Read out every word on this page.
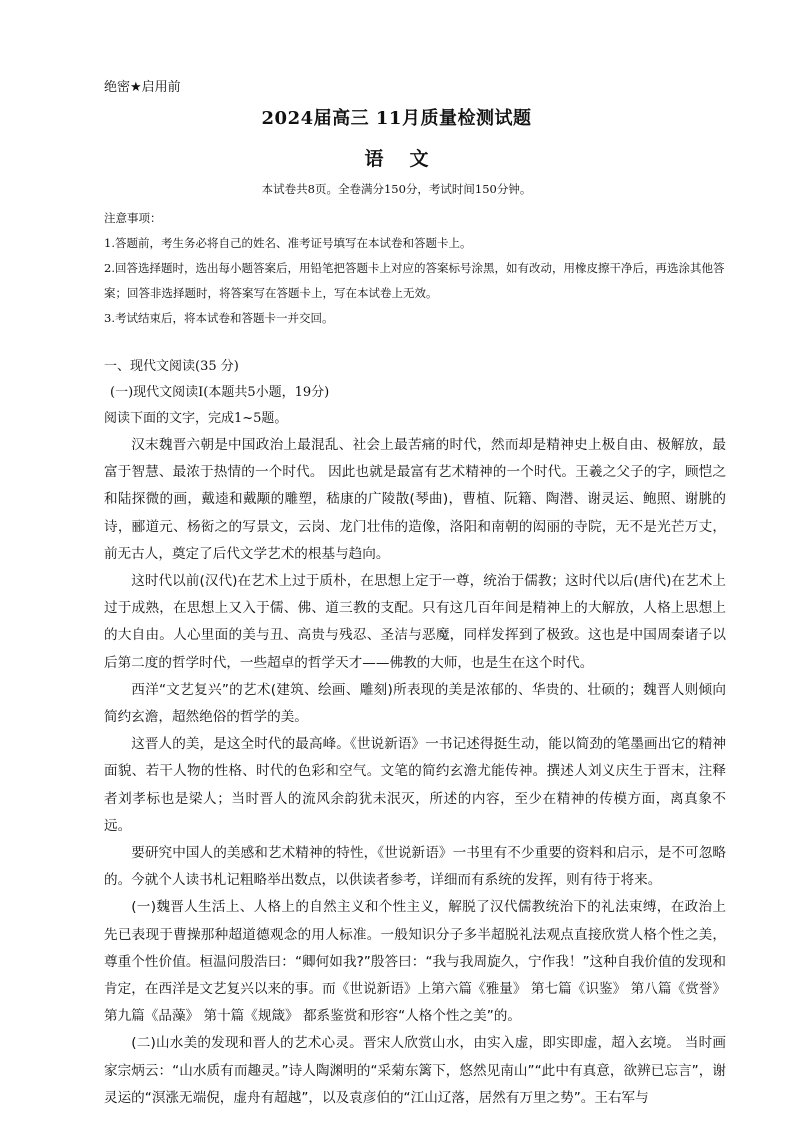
绝密★启用前
2024届高三 11月质量检测试题
语文
本试卷共8页。全卷满分150分，考试时间150分钟。

注意事项：

1.答题前，考生务必将自己的姓名、准考证号填写在本试卷和答题卡上。

2.回答选择题时，选出每小题答案后，用铅笔把答题卡上对应的答案标号涂黑，如有改动，用橡皮擦干净后，再选涂其他答案；回答非选择题时，将答案写在答题卡上，写在本试卷上无效。

3.考试结束后，将本试卷和答题卡一并交回。

一、现代文阅读(35 分)

(一)现代文阅读Ⅰ(本题共5小题，19分)

阅读下面的文字，完成1~5题。

汉末魏晋六朝是中国政治上最混乱、社会上最苦痛的时代，然而却是精神史上极自由、极解放，最富于智慧、最浓于热情的一个时代。 因此也就是最富有艺术精神的一个时代。王羲之父子的字，顾恺之和陆探微的画，戴逵和戴颙的雕塑，嵇康的广陵散(琴曲)，曹植、阮籍、陶潜、谢灵运、鲍照、谢朓的诗，郦道元、杨衒之的写景文，云岗、龙门壮伟的造像，洛阳和南朝的闳丽的寺院，无不是光芒万丈，前无古人，奠定了后代文学艺术的根基与趋向。

这时代以前(汉代)在艺术上过于质朴，在思想上定于一尊，统治于儒教；这时代以后(唐代)在艺术上过于成熟，在思想上又入于儒、佛、道三教的支配。只有这几百年间是精神上的大解放，人格上思想上的大自由。人心里面的美与丑、高贵与残忍、圣洁与恶魔，同样发挥到了极致。这也是中国周秦诸子以后第二度的哲学时代，一些超卓的哲学天才——佛教的大师，也是生在这个时代。

西洋“文艺复兴”的艺术(建筑、绘画、雕刻)所表现的美是浓郁的、华贵的、壮硕的；魏晋人则倾向简约玄澹，超然绝俗的哲学的美。

这晋人的美，是这全时代的最高峰。《世说新语》一书记述得挺生动，能以简劲的笔墨画出它的精神面貌、若干人物的性格、时代的色彩和空气。文笔的简约玄澹尤能传神。撰述人刘义庆生于晋末，注释者刘孝标也是梁人；当时晋人的流风余韵犹未泯灭，所述的内容，至少在精神的传模方面，离真象不远。

要研究中国人的美感和艺术精神的特性，《世说新语》一书里有不少重要的资料和启示，是不可忽略的。今就个人读书札记粗略举出数点，以供读者参考，详细而有系统的发挥，则有待于将来。

(一)魏晋人生活上、人格上的自然主义和个性主义，解脱了汉代儒教统治下的礼法束缚，在政治上先已表现于曹操那种超道德观念的用人标准。一般知识分子多半超脱礼法观点直接欣赏人格个性之美，尊重个性价值。桓温问殷浩曰：“卿何如我?”殷答曰：“我与我周旋久，宁作我！”这种自我价值的发现和肯定，在西洋是文艺复兴以来的事。而《世说新语》上第六篇《雅量》 第七篇《识鉴》 第八篇《赏誉》 第九篇《品藻》 第十篇《规箴》 都系鉴赏和形容“人格个性之美”的。

(二)山水美的发现和晋人的艺术心灵。晋宋人欣赏山水，由实入虚，即实即虚，超入玄境。 当时画家宗炳云：“山水质有而趣灵。”诗人陶渊明的“采菊东篱下，悠然见南山”“此中有真意，欲辨已忘言”，谢灵运的“溟涨无端倪，虚舟有超越”，以及袁彦伯的“江山辽落，居然有万里之势”。王右军与
